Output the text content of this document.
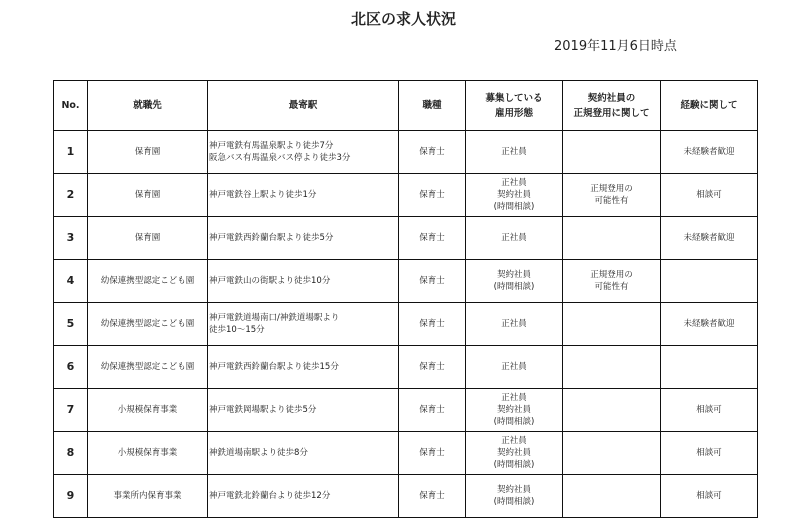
北区の求人状況
2019年11月6日時点
No.	就職先	最寄駅	職種	募集している
雇用形態	契約社員の
正規登用に関して	経験に関して
1	保育園	神戸電鉄有馬温泉駅より徒歩7分
阪急バス有馬温泉バス停より徒歩3分	保育士	正社員		未経験者歓迎
2	保育園	神戸電鉄谷上駅より徒歩1分	保育士	正社員
契約社員
(時間相談)	正規登用の
可能性有	相談可
3	保育園	神戸電鉄西鈴蘭台駅より徒歩5分	保育士	正社員		未経験者歓迎
4	幼保連携型認定こども園	神戸電鉄山の街駅より徒歩10分	保育士	契約社員
(時間相談)	正規登用の
可能性有	
5	幼保連携型認定こども園	神戸電鉄道場南口/神鉄道場駅より
徒歩10～15分	保育士	正社員		未経験者歓迎
6	幼保連携型認定こども園	神戸電鉄西鈴蘭台駅より徒歩15分	保育士	正社員		
7	小規模保育事業	神戸電鉄岡場駅より徒歩5分	保育士	正社員
契約社員
(時間相談)		相談可
8	小規模保育事業	神鉄道場南駅より徒歩8分	保育士	正社員
契約社員
(時間相談)		相談可
9	事業所内保育事業	神戸電鉄北鈴蘭台より徒歩12分	保育士	契約社員
(時間相談)		相談可
